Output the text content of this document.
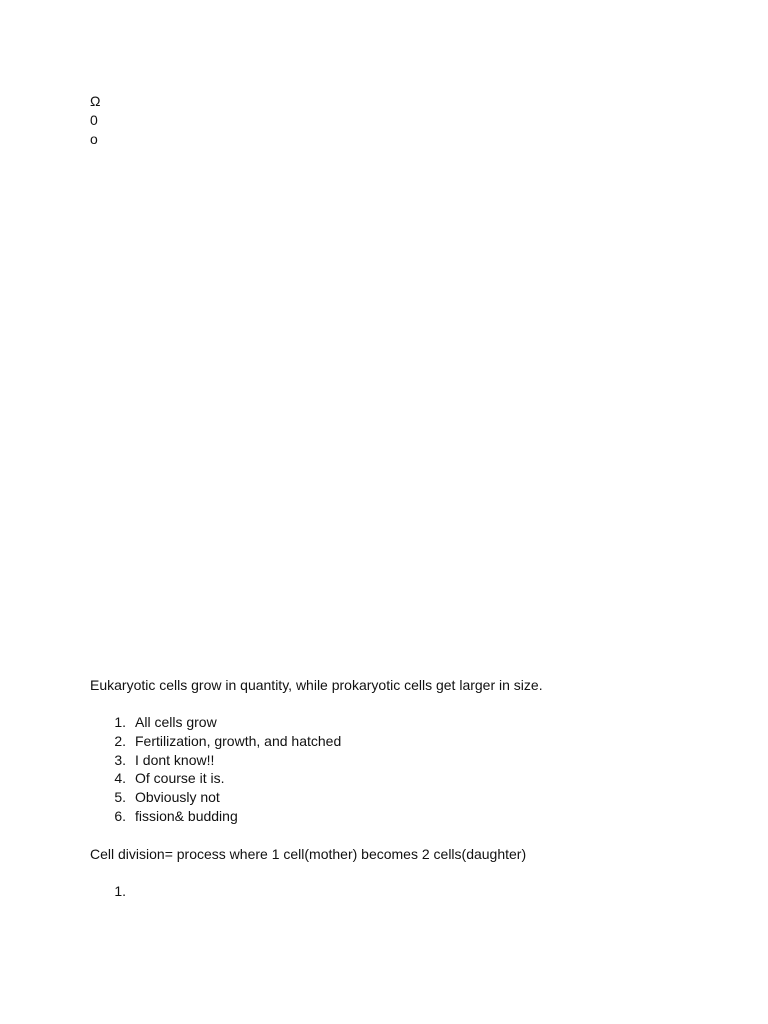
Ω
0
o
Eukaryotic cells grow in quantity, while prokaryotic cells get larger in size.
1. All cells grow
2. Fertilization, growth, and hatched
3. I dont know!!
4. Of course it is.
5. Obviously not
6. fission& budding
Cell division= process where 1 cell(mother) becomes 2 cells(daughter)
1.
